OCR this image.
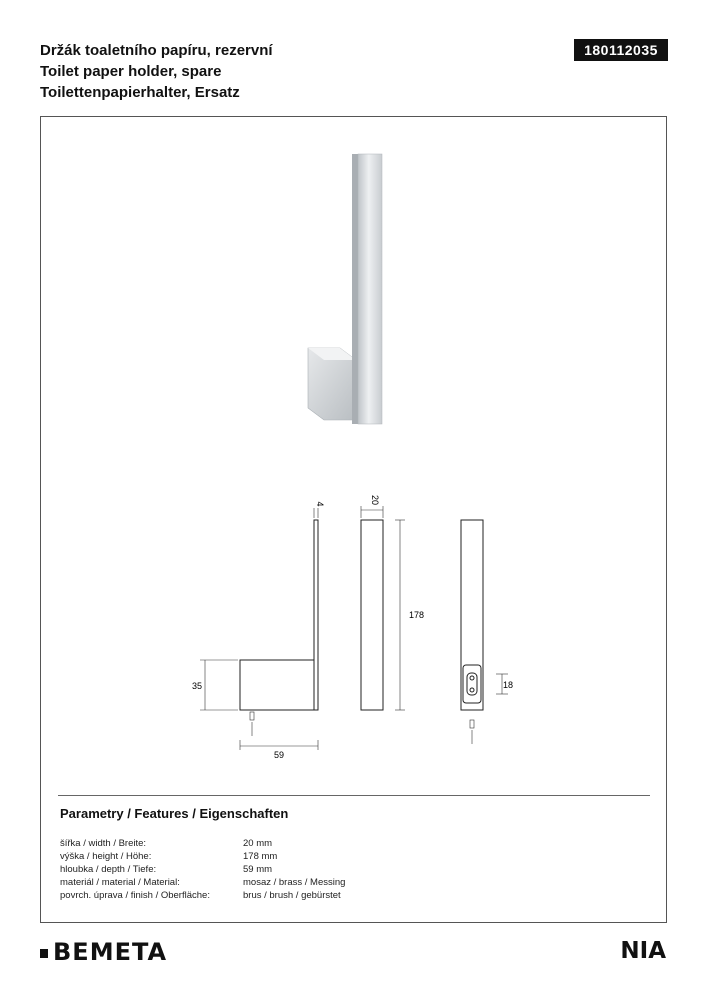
Držák toaletního papíru, rezervní
Toilet paper holder, spare
Toilettenpapierhalter, Ersatz
180112035
4	20
178
35
59
18
Parametry / Features / Eigenschaften
šířka / width / Breite:	20 mm
výška / height / Höhe:	178 mm
hloubka / depth / Tiefe:	59 mm
materiál / material / Material:	mosaz / brass / Messing
povrch. úprava / finish / Oberfläche:	brus / brush / gebürstet
BEMETA	NIA
